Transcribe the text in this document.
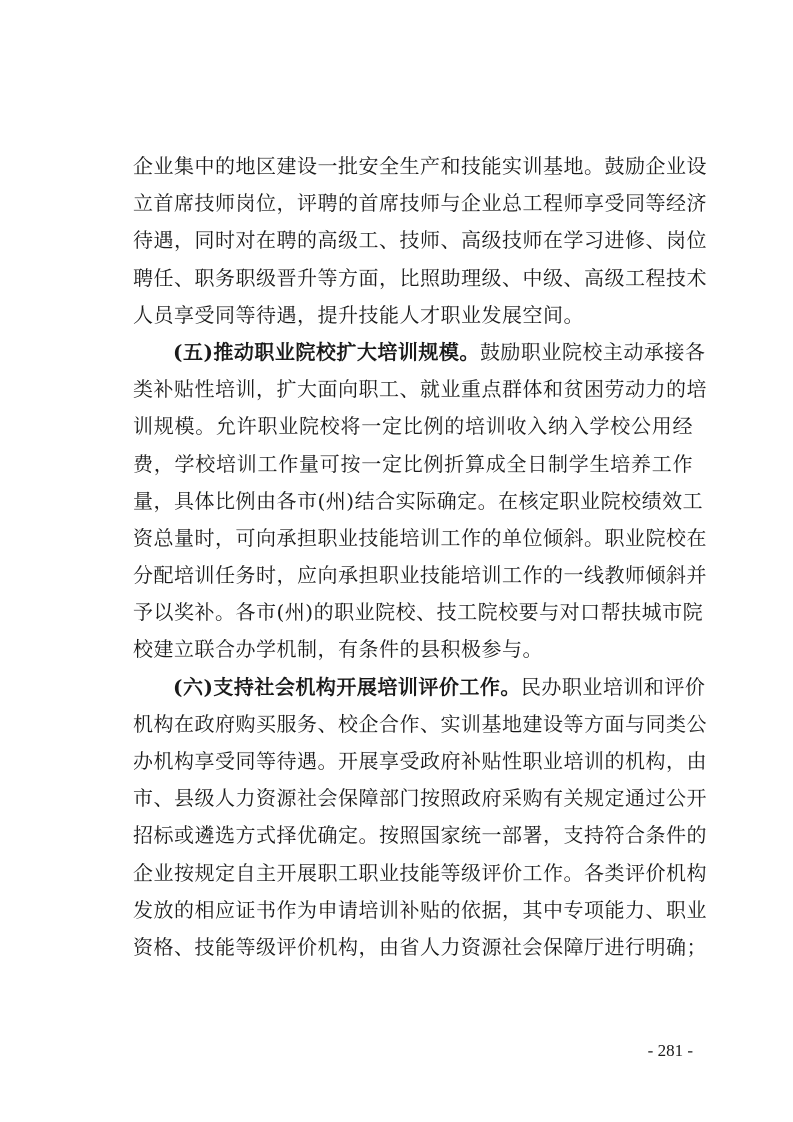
企业集中的地区建设一批安全生产和技能实训基地。鼓励企业设
立首席技师岗位，评聘的首席技师与企业总工程师享受同等经济
待遇，同时对在聘的高级工、技师、高级技师在学习进修、岗位
聘任、职务职级晋升等方面，比照助理级、中级、高级工程技术
人员享受同等待遇，提升技能人才职业发展空间。
(五)推动职业院校扩大培训规模。鼓励职业院校主动承接各
类补贴性培训，扩大面向职工、就业重点群体和贫困劳动力的培
训规模。允许职业院校将一定比例的培训收入纳入学校公用经
费，学校培训工作量可按一定比例折算成全日制学生培养工作
量，具体比例由各市(州)结合实际确定。在核定职业院校绩效工
资总量时，可向承担职业技能培训工作的单位倾斜。职业院校在
分配培训任务时，应向承担职业技能培训工作的一线教师倾斜并
予以奖补。各市(州)的职业院校、技工院校要与对口帮扶城市院
校建立联合办学机制，有条件的县积极参与。
(六)支持社会机构开展培训评价工作。民办职业培训和评价
机构在政府购买服务、校企合作、实训基地建设等方面与同类公
办机构享受同等待遇。开展享受政府补贴性职业培训的机构，由
市、县级人力资源社会保障部门按照政府采购有关规定通过公开
招标或遴选方式择优确定。按照国家统一部署，支持符合条件的
企业按规定自主开展职工职业技能等级评价工作。各类评价机构
发放的相应证书作为申请培训补贴的依据，其中专项能力、职业
资格、技能等级评价机构，由省人力资源社会保障厅进行明确；
- 281 -
